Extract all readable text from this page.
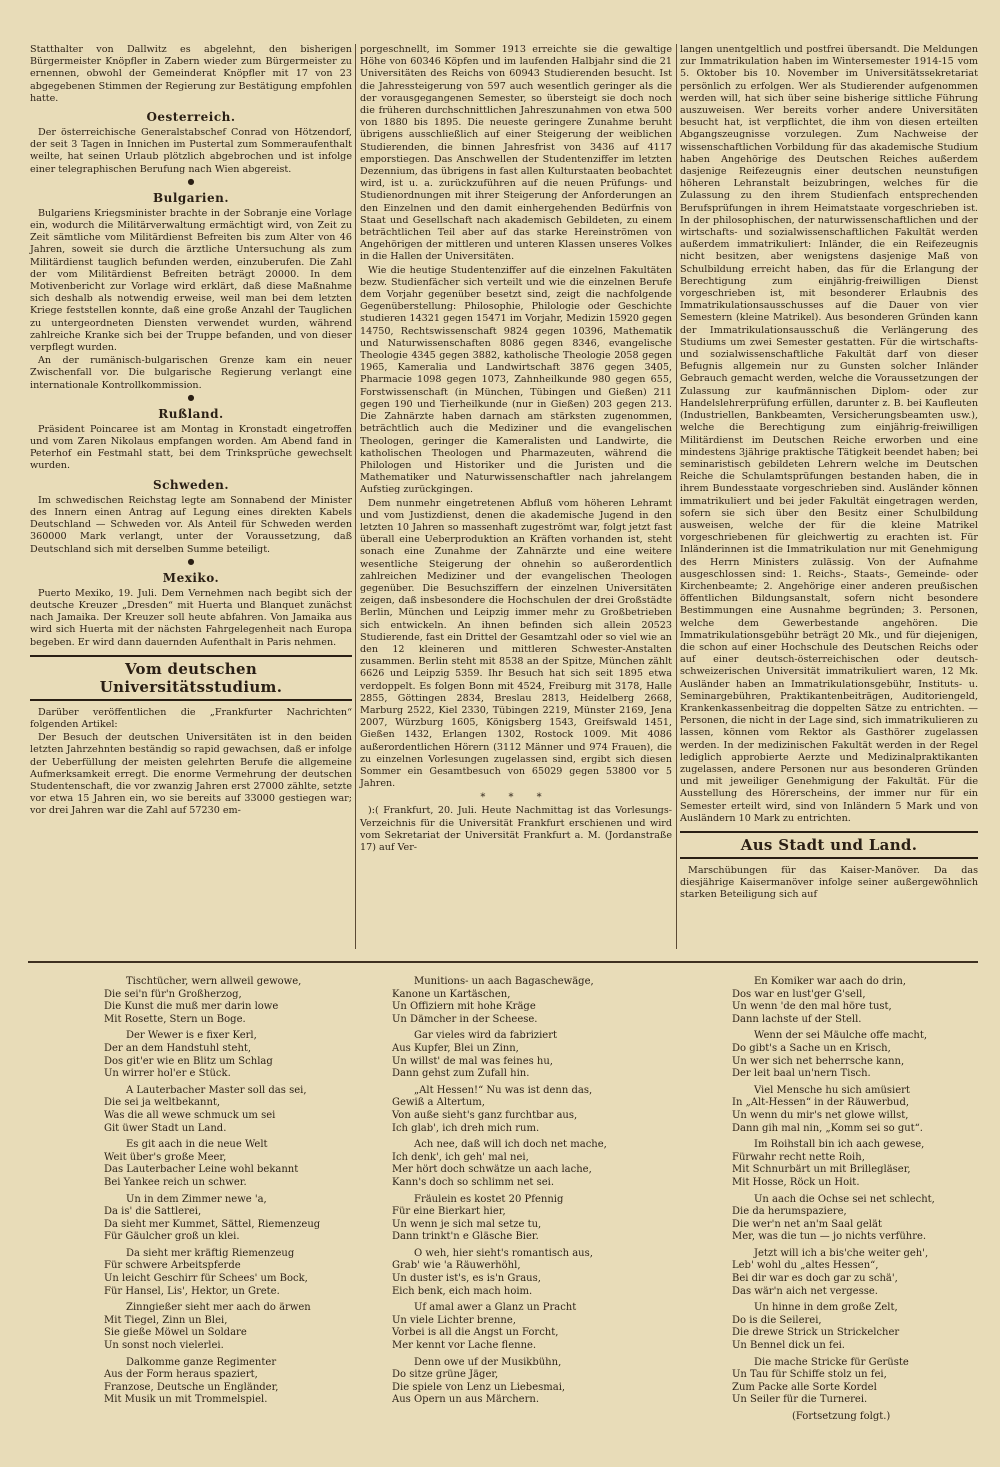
Statthalter von Dallwitz es abgelehnt, den bisherigen Bürgermeister Knöpfler in Zabern wieder zum Bürgermeister zu ernennen, obwohl der Gemeinderat Knöpfler mit 17 von 23 abgegebenen Stimmen der Regierung zur Bestätigung empfohlen hatte.

Oesterreich.

Der österreichische Generalstabschef Conrad von Hötzendorf, der seit 3 Tagen in Innichen im Pustertal zum Sommeraufenthalt weilte, hat seinen Urlaub plötzlich abgebrochen und ist infolge einer telegraphischen Berufung nach Wien abgereist.

●
Bulgarien.

Bulgariens Kriegsminister brachte in der Sobranje eine Vorlage ein, wodurch die Militärverwaltung ermächtigt wird, von Zeit zu Zeit sämtliche vom Militärdienst Befreiten bis zum Alter von 46 Jahren, soweit sie durch die ärztliche Untersuchung als zum Militärdienst tauglich befunden werden, einzuberufen. Die Zahl der vom Militärdienst Befreiten beträgt 20000. In dem Motivenbericht zur Vorlage wird erklärt, daß diese Maßnahme sich deshalb als notwendig erweise, weil man bei dem letzten Kriege feststellen konnte, daß eine große Anzahl der Tauglichen zu untergeordneten Diensten verwendet wurden, während zahlreiche Kranke sich bei der Truppe befanden, und von dieser verpflegt wurden.

An der rumänisch-bulgarischen Grenze kam ein neuer Zwischenfall vor. Die bulgarische Regierung verlangt eine internationale Kontrollkommission.

●
Rußland.

Präsident Poincaree ist am Montag in Kronstadt eingetroffen und vom Zaren Nikolaus empfangen worden. Am Abend fand in Peterhof ein Festmahl statt, bei dem Trinksprüche gewechselt wurden.

Schweden.

Im schwedischen Reichstag legte am Sonnabend der Minister des Innern einen Antrag auf Legung eines direkten Kabels Deutschland — Schweden vor. Als Anteil für Schweden werden 360000 Mark verlangt, unter der Voraussetzung, daß Deutschland sich mit derselben Summe beteiligt.

●
Mexiko.

Puerto Mexiko, 19. Juli. Dem Vernehmen nach begibt sich der deutsche Kreuzer „Dresden“ mit Huerta und Blanquet zunächst nach Jamaika. Der Kreuzer soll heute abfahren. Von Jamaika aus wird sich Huerta mit der nächsten Fahrgelegenheit nach Europa begeben. Er wird dann dauernden Aufenthalt in Paris nehmen.

Vom deutschen Universitätsstudium.

Darüber veröffentlichen die „Frankfurter Nachrichten“ folgenden Artikel:

Der Besuch der deutschen Universitäten ist in den beiden letzten Jahrzehnten beständig so rapid gewachsen, daß er infolge der Ueberfüllung der meisten gelehrten Berufe die allgemeine Aufmerksamkeit erregt. Die enorme Vermehrung der deutschen Studentenschaft, die vor zwanzig Jahren erst 27000 zählte, setzte vor etwa 15 Jahren ein, wo sie bereits auf 33000 gestiegen war; vor drei Jahren war die Zahl auf 57230 em-

porgeschnellt, im Sommer 1913 erreichte sie die gewaltige Höhe von 60346 Köpfen und im laufenden Halbjahr sind die 21 Universitäten des Reichs von 60943 Studierenden besucht. Ist die Jahressteigerung von 597 auch wesentlich geringer als die der vorausgegangenen Semester, so übersteigt sie doch noch die früheren durchschnittlichen Jahreszunahmen von etwa 500 von 1880 bis 1895. Die neueste geringere Zunahme beruht übrigens ausschließlich auf einer Steigerung der weiblichen Studierenden, die binnen Jahresfrist von 3436 auf 4117 emporstiegen. Das Anschwellen der Studentenziffer im letzten Dezennium, das übrigens in fast allen Kulturstaaten beobachtet wird, ist u. a. zurückzuführen auf die neuen Prüfungs- und Studienordnungen mit ihrer Steigerung der Anforderungen an den Einzelnen und den damit einhergehenden Bedürfnis von Staat und Gesellschaft nach akademisch Gebildeten, zu einem beträchtlichen Teil aber auf das starke Hereinströmen von Angehörigen der mittleren und unteren Klassen unseres Volkes in die Hallen der Universitäten.

Wie die heutige Studentenziffer auf die einzelnen Fakultäten bezw. Studienfächer sich verteilt und wie die einzelnen Berufe dem Vorjahr gegenüber besetzt sind, zeigt die nachfolgende Gegenüberstellung: Philosophie, Philologie oder Geschichte studieren 14321 gegen 15471 im Vorjahr, Medizin 15920 gegen 14750, Rechtswissenschaft 9824 gegen 10396, Mathematik und Naturwissenschaften 8086 gegen 8346, evangelische Theologie 4345 gegen 3882, katholische Theologie 2058 gegen 1965, Kameralia und Landwirtschaft 3876 gegen 3405, Pharmacie 1098 gegen 1073, Zahnheilkunde 980 gegen 655, Forstwissenschaft (in München, Tübingen und Gießen) 211 gegen 190 und Tierheilkunde (nur in Gießen) 203 gegen 213. Die Zahnärzte haben darnach am stärksten zugenommen, beträchtlich auch die Mediziner und die evangelischen Theologen, geringer die Kameralisten und Landwirte, die katholischen Theologen und Pharmazeuten, während die Philologen und Historiker und die Juristen und die Mathematiker und Naturwissenschaftler nach jahrelangem Aufstieg zurückgingen.

Dem nunmehr eingetretenen Abfluß vom höheren Lehramt und vom Justizdienst, denen die akademische Jugend in den letzten 10 Jahren so massenhaft zugeströmt war, folgt jetzt fast überall eine Ueberproduktion an Kräften vorhanden ist, steht sonach eine Zunahme der Zahnärzte und eine weitere wesentliche Steigerung der ohnehin so außerordentlich zahlreichen Mediziner und der evangelischen Theologen gegenüber. Die Besuchsziffern der einzelnen Universitäten zeigen, daß insbesondere die Hochschulen der drei Großstädte Berlin, München und Leipzig immer mehr zu Großbetrieben sich entwickeln. An ihnen befinden sich allein 20523 Studierende, fast ein Drittel der Gesamtzahl oder so viel wie an den 12 kleineren und mittleren Schwester-Anstalten zusammen. Berlin steht mit 8538 an der Spitze, München zählt 6626 und Leipzig 5359. Ihr Besuch hat sich seit 1895 etwa verdoppelt. Es folgen Bonn mit 4524, Freiburg mit 3178, Halle 2855, Göttingen 2834, Breslau 2813, Heidelberg 2668, Marburg 2522, Kiel 2330, Tübingen 2219, Münster 2169, Jena 2007, Würzburg 1605, Königsberg 1543, Greifswald 1451, Gießen 1432, Erlangen 1302, Rostock 1009. Mit 4086 außerordentlichen Hörern (3112 Männer und 974 Frauen), die zu einzelnen Vorlesungen zugelassen sind, ergibt sich diesen Sommer ein Gesamtbesuch von 65029 gegen 53800 vor 5 Jahren.

* * *

):( Frankfurt, 20. Juli. Heute Nachmittag ist das Vorlesungs-Verzeichnis für die Universität Frankfurt erschienen und wird vom Sekretariat der Universität Frankfurt a. M. (Jordanstraße 17) auf Ver-

langen unentgeltlich und postfrei übersandt. Die Meldungen zur Immatrikulation haben im Wintersemester 1914-15 vom 5. Oktober bis 10. November im Universitätssekretariat persönlich zu erfolgen. Wer als Studierender aufgenommen werden will, hat sich über seine bisherige sittliche Führung auszuweisen. Wer bereits vorher andere Universitäten besucht hat, ist verpflichtet, die ihm von diesen erteilten Abgangszeugnisse vorzulegen. Zum Nachweise der wissenschaftlichen Vorbildung für das akademische Studium haben Angehörige des Deutschen Reiches außerdem dasjenige Reifezeugnis einer deutschen neunstufigen höheren Lehranstalt beizubringen, welches für die Zulassung zu den ihrem Studienfach entsprechenden Berufsprüfungen in ihrem Heimatstaate vorgeschrieben ist. In der philosophischen, der naturwissenschaftlichen und der wirtschafts- und sozialwissenschaftlichen Fakultät werden außerdem immatrikuliert: Inländer, die ein Reifezeugnis nicht besitzen, aber wenigstens dasjenige Maß von Schulbildung erreicht haben, das für die Erlangung der Berechtigung zum einjährig-freiwilligen Dienst vorgeschrieben ist, mit besonderer Erlaubnis des Immatrikulationsausschusses auf die Dauer von vier Semestern (kleine Matrikel). Aus besonderen Gründen kann der Immatrikulationsausschuß die Verlängerung des Studiums um zwei Semester gestatten. Für die wirtschafts- und sozialwissenschaftliche Fakultät darf von dieser Befugnis allgemein nur zu Gunsten solcher Inländer Gebrauch gemacht werden, welche die Voraussetzungen der Zulassung zur kaufmännischen Diplom- oder zur Handelslehrerprüfung erfüllen, darunter z. B. bei Kaufleuten (Industriellen, Bankbeamten, Versicherungsbeamten usw.), welche die Berechtigung zum einjährig-freiwilligen Militärdienst im Deutschen Reiche erworben und eine mindestens 3jährige praktische Tätigkeit beendet haben; bei seminaristisch gebildeten Lehrern welche im Deutschen Reiche die Schulamtsprüfungen bestanden haben, die in ihrem Bundesstaate vorgeschrieben sind. Ausländer können immatrikuliert und bei jeder Fakultät eingetragen werden, sofern sie sich über den Besitz einer Schulbildung ausweisen, welche der für die kleine Matrikel vorgeschriebenen für gleichwertig zu erachten ist. Für Inländerinnen ist die Immatrikulation nur mit Genehmigung des Herrn Ministers zulässig. Von der Aufnahme ausgeschlossen sind: 1. Reichs-, Staats-, Gemeinde- oder Kirchenbeamte; 2. Angehörige einer anderen preußischen öffentlichen Bildungsanstalt, sofern nicht besondere Bestimmungen eine Ausnahme begründen; 3. Personen, welche dem Gewerbestande angehören. Die Immatrikulationsgebühr beträgt 20 Mk., und für diejenigen, die schon auf einer Hochschule des Deutschen Reichs oder auf einer deutsch-österreichischen oder deutsch-schweizerischen Universität immatrikuliert waren, 12 Mk. Ausländer haben an Immatrikulationsgebühr, Instituts- u. Seminargebühren, Praktikantenbeiträgen, Auditoriengeld, Krankenkassenbeitrag die doppelten Sätze zu entrichten. — Personen, die nicht in der Lage sind, sich immatrikulieren zu lassen, können vom Rektor als Gasthörer zugelassen werden. In der medizinischen Fakultät werden in der Regel lediglich approbierte Aerzte und Medizinalpraktikanten zugelassen, andere Personen nur aus besonderen Gründen und mit jeweiliger Genehmigung der Fakultät. Für die Ausstellung des Hörerscheins, der immer nur für ein Semester erteilt wird, sind von Inländern 5 Mark und von Ausländern 10 Mark zu entrichten.

Aus Stadt und Land.

Marschübungen für das Kaiser-Manöver. Da das diesjährige Kaisermanöver infolge seiner außergewöhnlich starken Beteiligung sich auf

Tischtücher, wern allweil gewowe,
Die sei'n für'n Großherzog,
Die Kunst die muß mer darin lowe
Mit Rosette, Stern un Boge.
Der Wewer is e fixer Kerl,
Der an dem Handstuhl steht,
Dos git'er wie en Blitz um Schlag
Un wirrer hol'er e Stück.
A Lauterbacher Master soll das sei,
Die sei ja weltbekannt,
Was die all wewe schmuck um sei
Git üwer Stadt un Land.
Es git aach in die neue Welt
Weit über's große Meer,
Das Lauterbacher Leine wohl bekannt
Bei Yankee reich un schwer.
Un in dem Zimmer newe 'a,
Da is' die Sattlerei,
Da sieht mer Kummet, Sättel, Riemenzeug
Für Gäulcher groß un klei.
Da sieht mer kräftig Riemenzeug
Für schwere Arbeitspferde
Un leicht Geschirr für Schees' um Bock,
Für Hansel, Lis', Hektor, un Grete.
Zinngießer sieht mer aach do ärwen
Mit Tiegel, Zinn un Blei,
Sie gieße Möwel un Soldare
Un sonst noch vielerlei.
Dalkomme ganze Regimenter
Aus der Form heraus spaziert,
Franzose, Deutsche un Engländer,
Mit Musik un mit Trommelspiel.
Munitions- un aach Bagaschewäge,
Kanone un Kartäschen,
Un Offiziern mit hohe Kräge
Un Dämcher in der Scheese.
Gar vieles wird da fabriziert
Aus Kupfer, Blei un Zinn,
Un willst' de mal was feines hu,
Dann gehst zum Zufall hin.
„Alt Hessen!“ Nu was ist denn das,
Gewiß a Altertum,
Von auße sieht's ganz furchtbar aus,
Ich glab', ich dreh mich rum.
Ach nee, daß will ich doch net mache,
Ich denk', ich geh' mal nei,
Mer hört doch schwätze un aach lache,
Kann's doch so schlimm net sei.
Fräulein es kostet 20 Pfennig
Für eine Bierkart hier,
Un wenn je sich mal setze tu,
Dann trinkt'n e Gläsche Bier.
O weh, hier sieht's romantisch aus,
Grab' wie 'a Räuwerhöhl,
Un duster ist's, es is'n Graus,
Eich benk, eich mach hoim.
Uf amal awer a Glanz un Pracht
Un viele Lichter brenne,
Vorbei is all die Angst un Forcht,
Mer kennt vor Lache flenne.
Denn owe uf der Musikbühn,
Do sitze grüne Jäger,
Die spiele von Lenz un Liebesmai,
Aus Opern un aus Märchern.
En Komiker war aach do drin,
Dos war en lust'ger G'sell,
Un wenn 'de den mal höre tust,
Dann lachste uf der Stell.
Wenn der sei Mäulche offe macht,
Do gibt's a Sache un en Krisch,
Un wer sich net beherrsche kann,
Der leit baal un'nern Tisch.
Viel Mensche hu sich amüsiert
In „Alt-Hessen“ in der Räuwerbud,
Un wenn du mir's net glowe willst,
Dann gih mal nin, „Komm sei so gut“.
Im Roihstall bin ich aach gewese,
Fürwahr recht nette Roih,
Mit Schnurbärt un mit Brillegläser,
Mit Hosse, Röck un Hoit.
Un aach die Ochse sei net schlecht,
Die da herumspaziere,
Die wer'n net an'm Saal gelät
Mer, was die tun — jo nichts verführe.
Jetzt will ich a bis'che weiter geh',
Leb' wohl du „altes Hessen“,
Bei dir war es doch gar zu schä',
Das wär'n aich net vergesse.
Un hinne in dem große Zelt,
Do is die Seilerei,
Die drewe Strick un Strickelcher
Un Bennel dick un fei.
Die mache Stricke für Gerüste
Un Tau für Schiffe stolz un fei,
Zum Packe alle Sorte Kordel
Un Seiler für die Turnerei.
(Fortsetzung folgt.)
